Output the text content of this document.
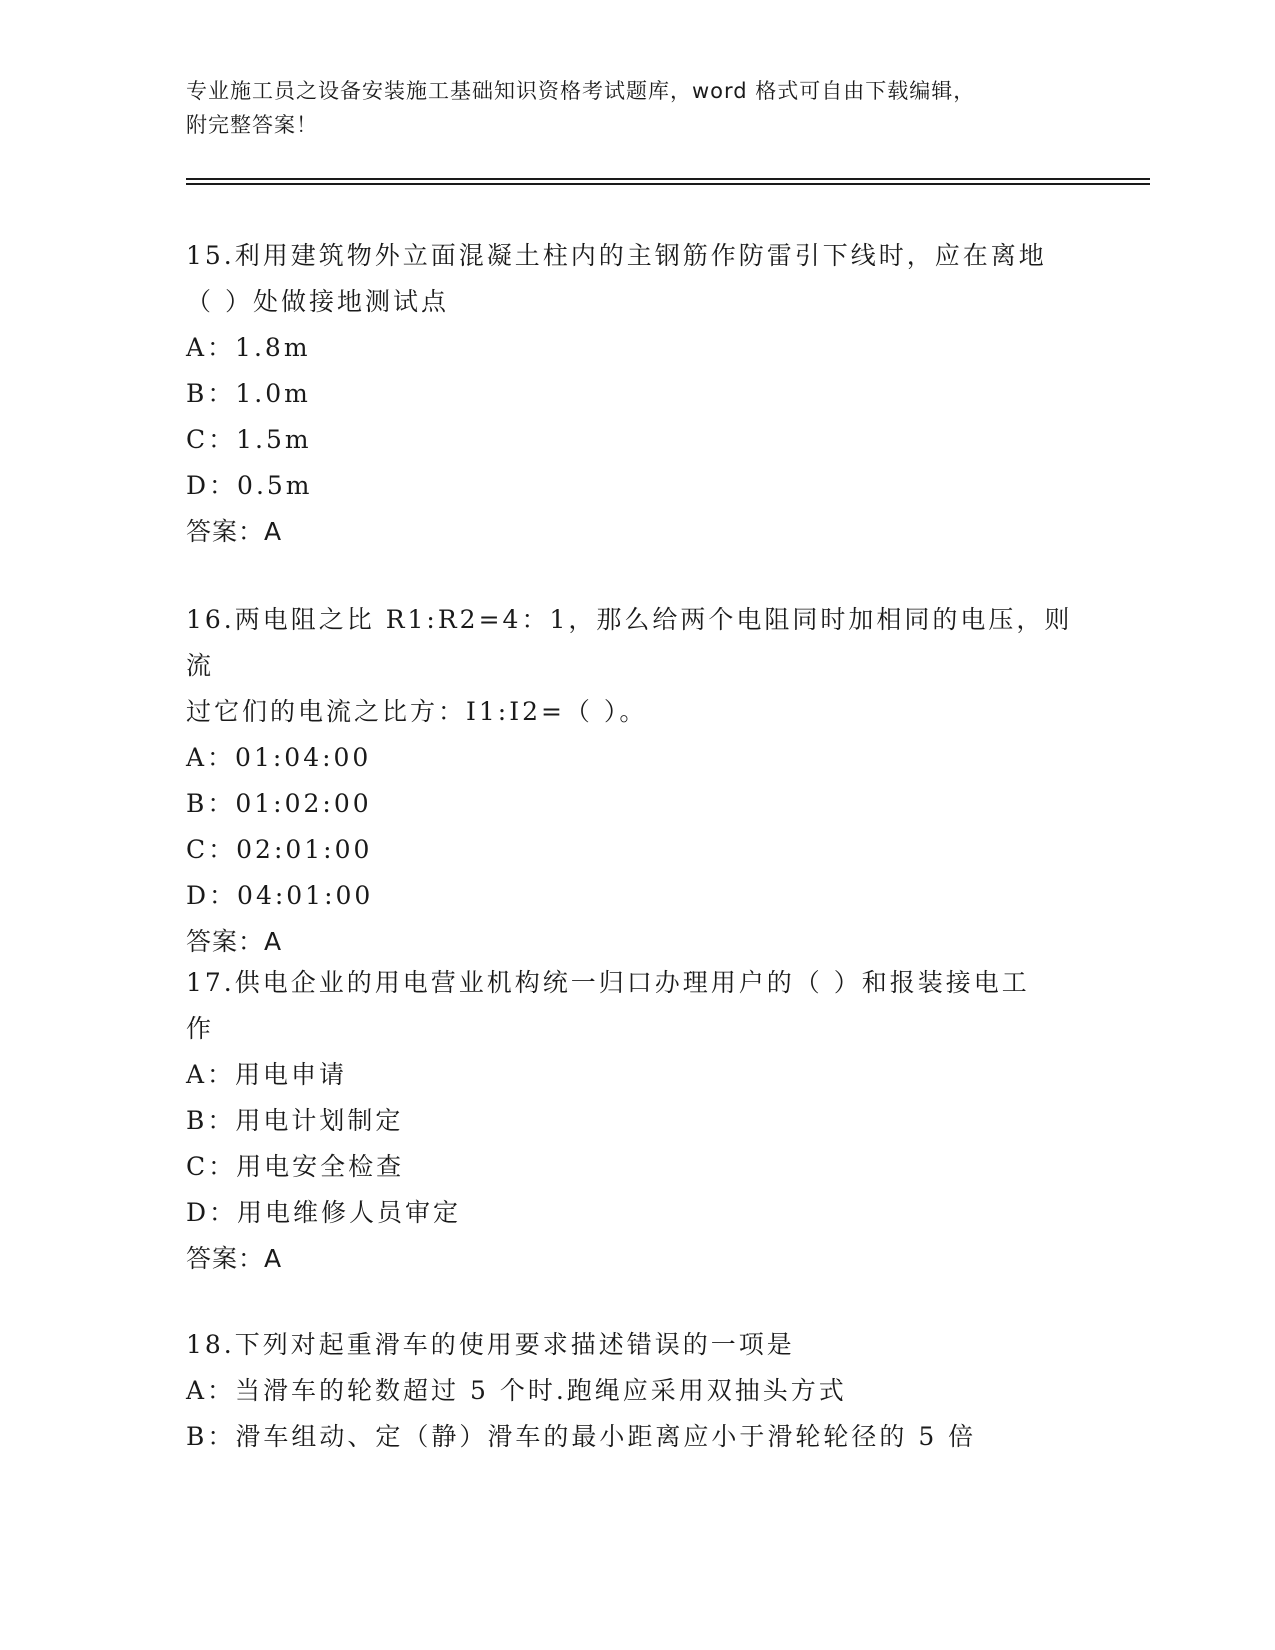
专业施工员之设备安装施工基础知识资格考试题库，word 格式可自由下载编辑，
附完整答案！

15.利用建筑物外立面混凝土柱内的主钢筋作防雷引下线时，应在离地

（ ）处做接地测试点

A：1.8m

B：1.0m

C：1.5m

D：0.5m

答案：A

16.两电阻之比 R1:R2=4：1，那么给两个电阻同时加相同的电压，则流

过它们的电流之比方：I1:I2=（ ）。

A：01:04:00

B：01:02:00

C：02:01:00

D：04:01:00

答案：A

17.供电企业的用电营业机构统一归口办理用户的（ ）和报装接电工

作

A：用电申请

B：用电计划制定

C：用电安全检查

D：用电维修人员审定

答案：A

18.下列对起重滑车的使用要求描述错误的一项是

A：当滑车的轮数超过 5 个时.跑绳应采用双抽头方式

B：滑车组动、定（静）滑车的最小距离应小于滑轮轮径的 5 倍
